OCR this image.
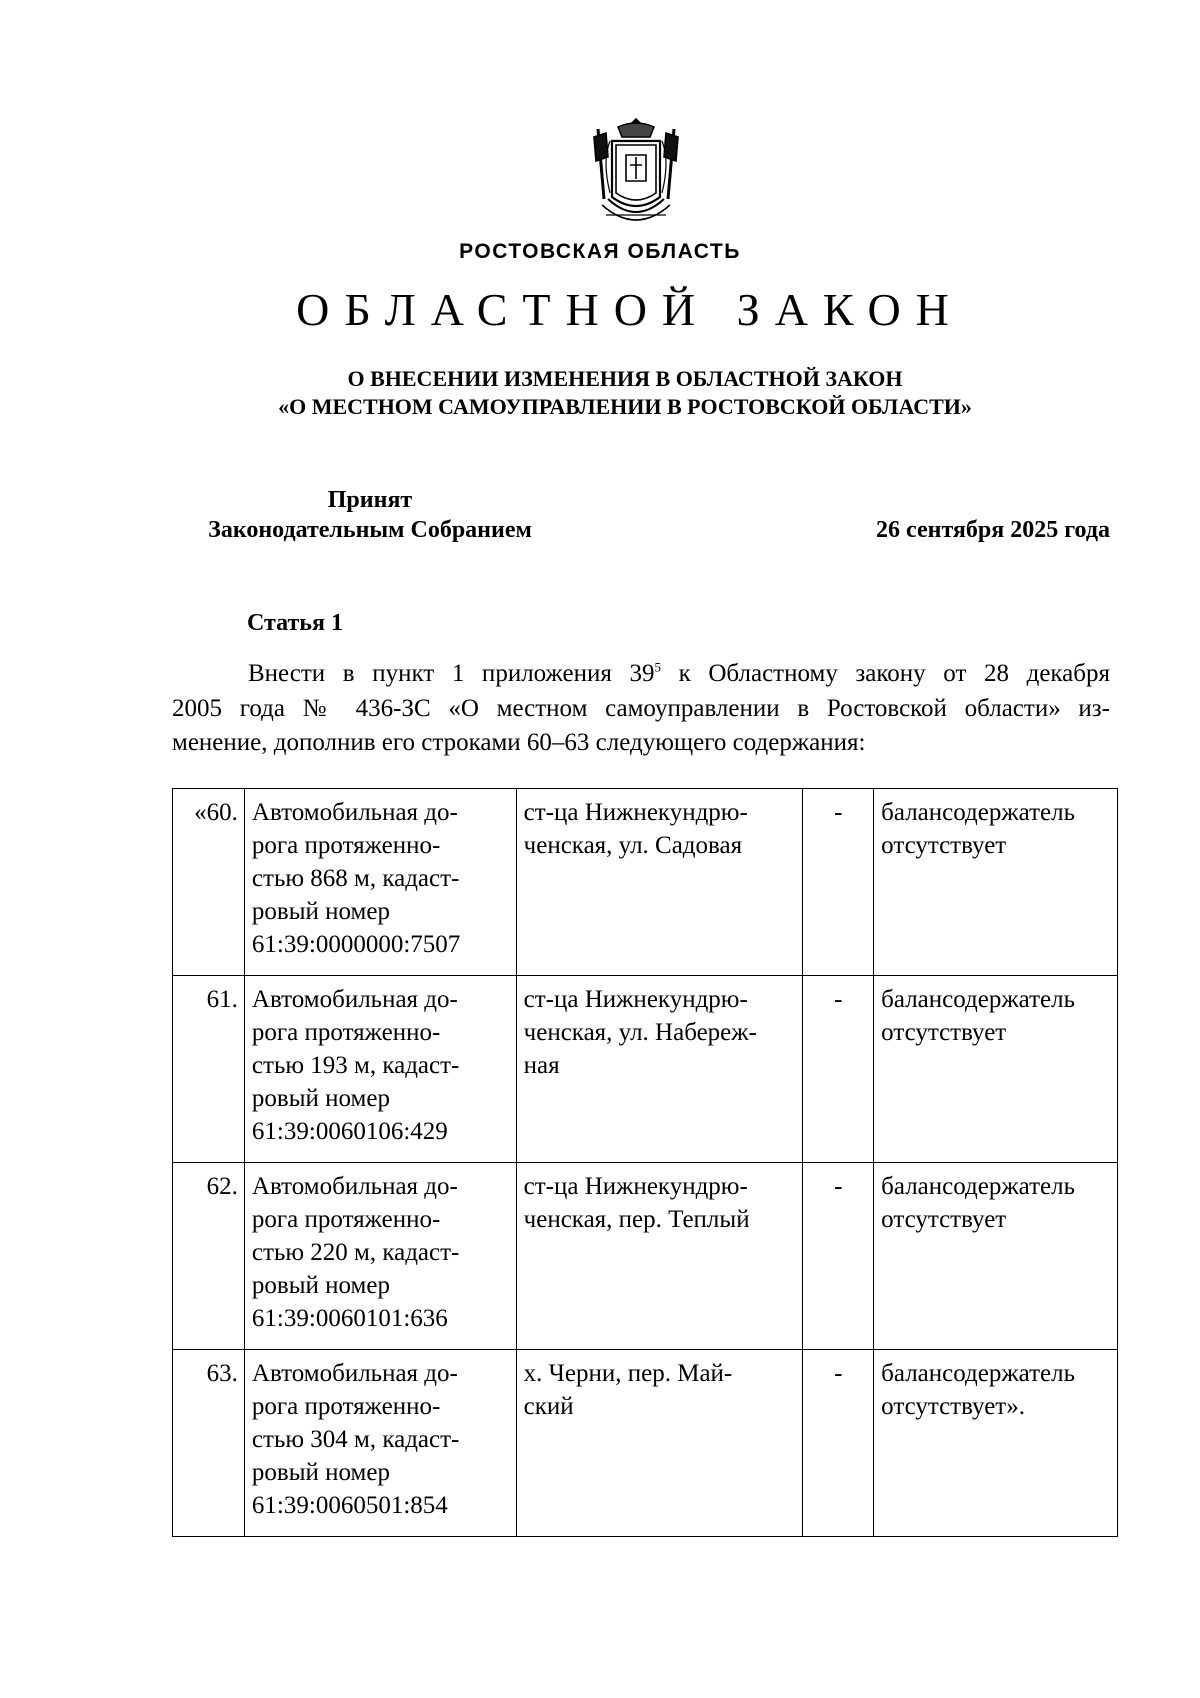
РОСТОВСКАЯ ОБЛАСТЬ
ОБЛАСТНОЙ ЗАКОН
О ВНЕСЕНИИ ИЗМЕНЕНИЯ В ОБЛАСТНОЙ ЗАКОН
«О МЕСТНОМ САМОУПРАВЛЕНИИ В РОСТОВСКОЙ ОБЛАСТИ»
Принят
Законодательным Собранием	26 сентября 2025 года
Статья 1
Внести в пункт 1 приложения $39^5$ к Областному закону от 28 декабря
2005 года № 436-ЗС «О местном самоуправлении в Ростовской области» из-
менение, дополнив его строками 60–63 следующего содержания:
«60.	Автомобильная до-
рога протяженно-
стью 868 м, кадаст-
ровый номер
61:39:0000000:7507	ст-ца Нижнекундрю-
ченская, ул. Садовая	-	балансодержатель
отсутствует

61.	Автомобильная до-
рога протяженно-
стью 193 м, кадаст-
ровый номер
61:39:0060106:429	ст-ца Нижнекундрю-
ченская, ул. Набереж-
ная	-	балансодержатель
отсутствует

62.	Автомобильная до-
рога протяженно-
стью 220 м, кадаст-
ровый номер
61:39:0060101:636	ст-ца Нижнекундрю-
ченская, пер. Теплый	-	балансодержатель
отсутствует

63.	Автомобильная до-
рога протяженно-
стью 304 м, кадаст-
ровый номер
61:39:0060501:854	х. Черни, пер. Май-
ский	-	балансодержатель
отсутствует».
